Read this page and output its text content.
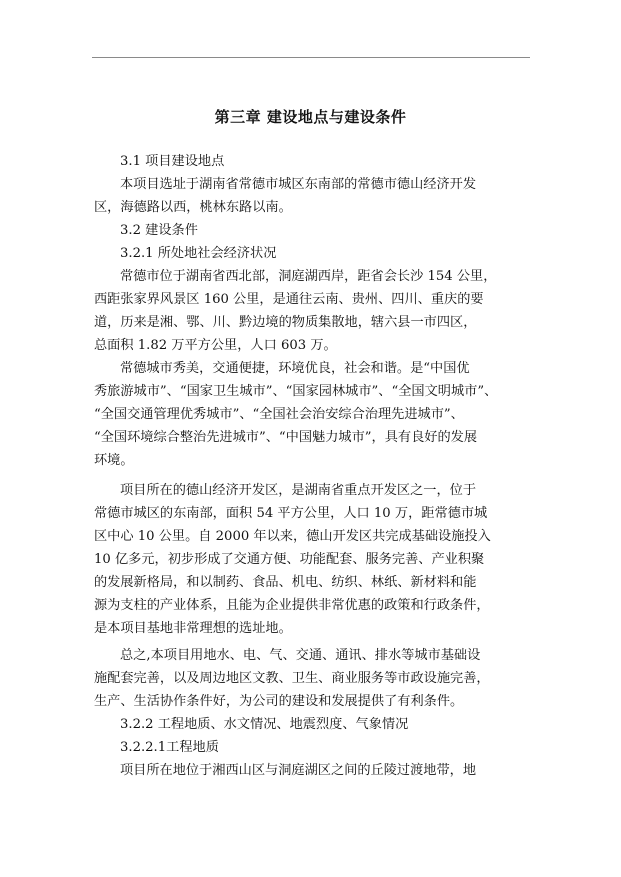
第三章 建设地点与建设条件
3.1 项目建设地点
本项目选址于湖南省常德市城区东南部的常德市德山经济开发
区，海德路以西，桃林东路以南。
3.2 建设条件
3.2.1 所处地社会经济状况
常德市位于湖南省西北部，洞庭湖西岸，距省会长沙 154 公里，
西距张家界风景区 160 公里，是通往云南、贵州、四川、重庆的要
道，历来是湘、鄂、川、黔边境的物质集散地，辖六县一市四区，
总面积 1.82 万平方公里，人口 603 万。
常德城市秀美，交通便捷，环境优良，社会和谐。是“中国优
秀旅游城市”、“国家卫生城市”、“国家园林城市”、“全国文明城市”、
“全国交通管理优秀城市”、“全国社会治安综合治理先进城市”、
“全国环境综合整治先进城市”、“中国魅力城市”，具有良好的发展
环境。
项目所在的德山经济开发区，是湖南省重点开发区之一，位于
常德市城区的东南部，面积 54 平方公里，人口 10 万，距常德市城
区中心 10 公里。自 2000 年以来，德山开发区共完成基础设施投入
10 亿多元，初步形成了交通方便、功能配套、服务完善、产业积聚
的发展新格局，和以制药、食品、机电、纺织、林纸、新材料和能
源为支柱的产业体系，且能为企业提供非常优惠的政策和行政条件，
是本项目基地非常理想的选址地。
总之,本项目用地水、电、气、交通、通讯、排水等城市基础设
施配套完善，以及周边地区文教、卫生、商业服务等市政设施完善，
生产、生活协作条件好，为公司的建设和发展提供了有利条件。
3.2.2 工程地质、水文情况、地震烈度、气象情况
3.2.2.1工程地质
项目所在地位于湘西山区与洞庭湖区之间的丘陵过渡地带，地
